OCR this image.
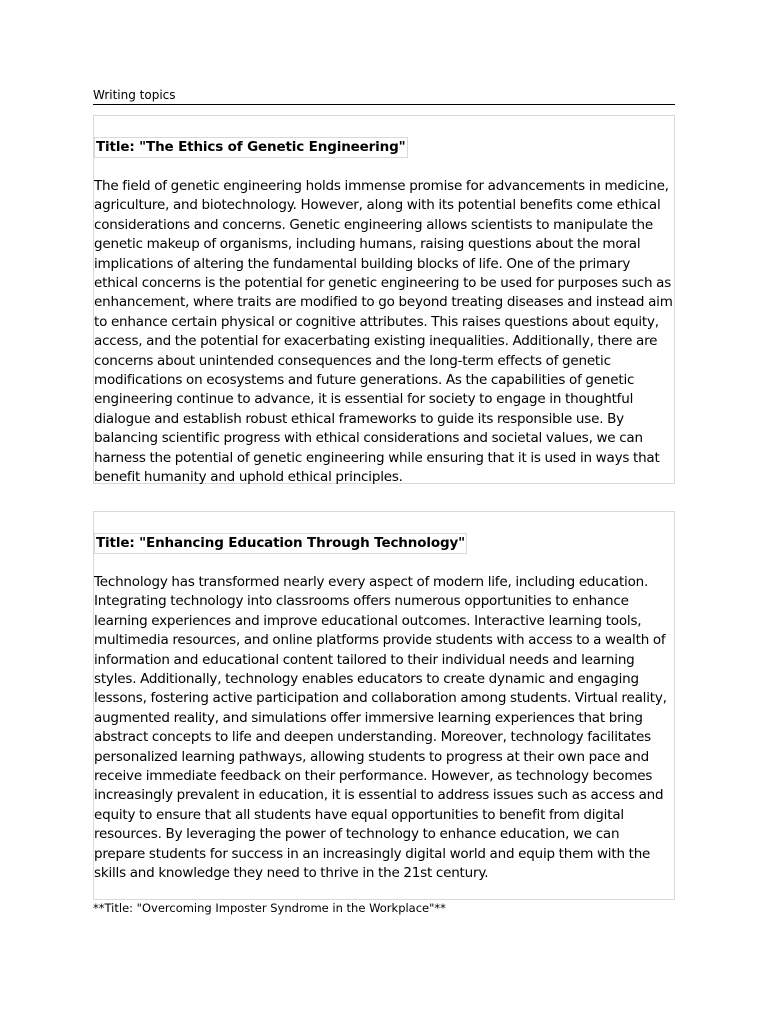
Writing topics
Title: "The Ethics of Genetic Engineering"
The field of genetic engineering holds immense promise for advancements in medicine, agriculture, and biotechnology. However, along with its potential benefits come ethical considerations and concerns. Genetic engineering allows scientists to manipulate the genetic makeup of organisms, including humans, raising questions about the moral implications of altering the fundamental building blocks of life. One of the primary ethical concerns is the potential for genetic engineering to be used for purposes such as enhancement, where traits are modified to go beyond treating diseases and instead aim to enhance certain physical or cognitive attributes. This raises questions about equity, access, and the potential for exacerbating existing inequalities. Additionally, there are concerns about unintended consequences and the long-term effects of genetic modifications on ecosystems and future generations. As the capabilities of genetic engineering continue to advance, it is essential for society to engage in thoughtful dialogue and establish robust ethical frameworks to guide its responsible use. By balancing scientific progress with ethical considerations and societal values, we can harness the potential of genetic engineering while ensuring that it is used in ways that benefit humanity and uphold ethical principles.
Title: "Enhancing Education Through Technology"
Technology has transformed nearly every aspect of modern life, including education. Integrating technology into classrooms offers numerous opportunities to enhance learning experiences and improve educational outcomes. Interactive learning tools, multimedia resources, and online platforms provide students with access to a wealth of information and educational content tailored to their individual needs and learning styles. Additionally, technology enables educators to create dynamic and engaging lessons, fostering active participation and collaboration among students. Virtual reality, augmented reality, and simulations offer immersive learning experiences that bring abstract concepts to life and deepen understanding. Moreover, technology facilitates personalized learning pathways, allowing students to progress at their own pace and receive immediate feedback on their performance. However, as technology becomes increasingly prevalent in education, it is essential to address issues such as access and equity to ensure that all students have equal opportunities to benefit from digital resources. By leveraging the power of technology to enhance education, we can prepare students for success in an increasingly digital world and equip them with the skills and knowledge they need to thrive in the 21st century.
**Title: "Overcoming Imposter Syndrome in the Workplace"**
